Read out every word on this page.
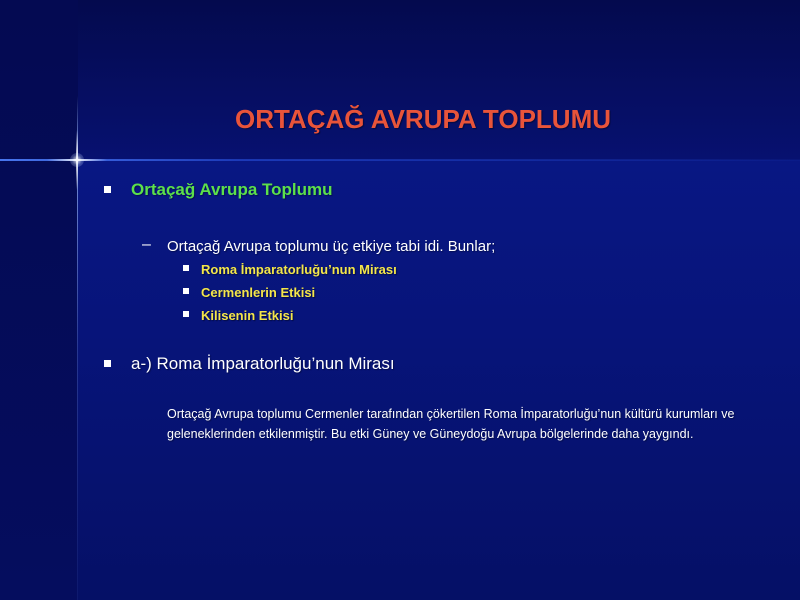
ORTAÇAĞ AVRUPA TOPLUMU
Ortaçağ Avrupa Toplumu
– Ortaçağ Avrupa toplumu üç etkiye tabi idi. Bunlar;
Roma İmparatorluğu’nun Mirası
Cermenlerin Etkisi
Kilisenin Etkisi
a-) Roma İmparatorluğu’nun Mirası
Ortaçağ Avrupa toplumu Cermenler tarafından çökertilen Roma İmparatorluğu’nun kültürü kurumları ve geleneklerinden etkilenmiştir. Bu etki Güney ve Güneydoğu Avrupa bölgelerinde daha yaygındı.
